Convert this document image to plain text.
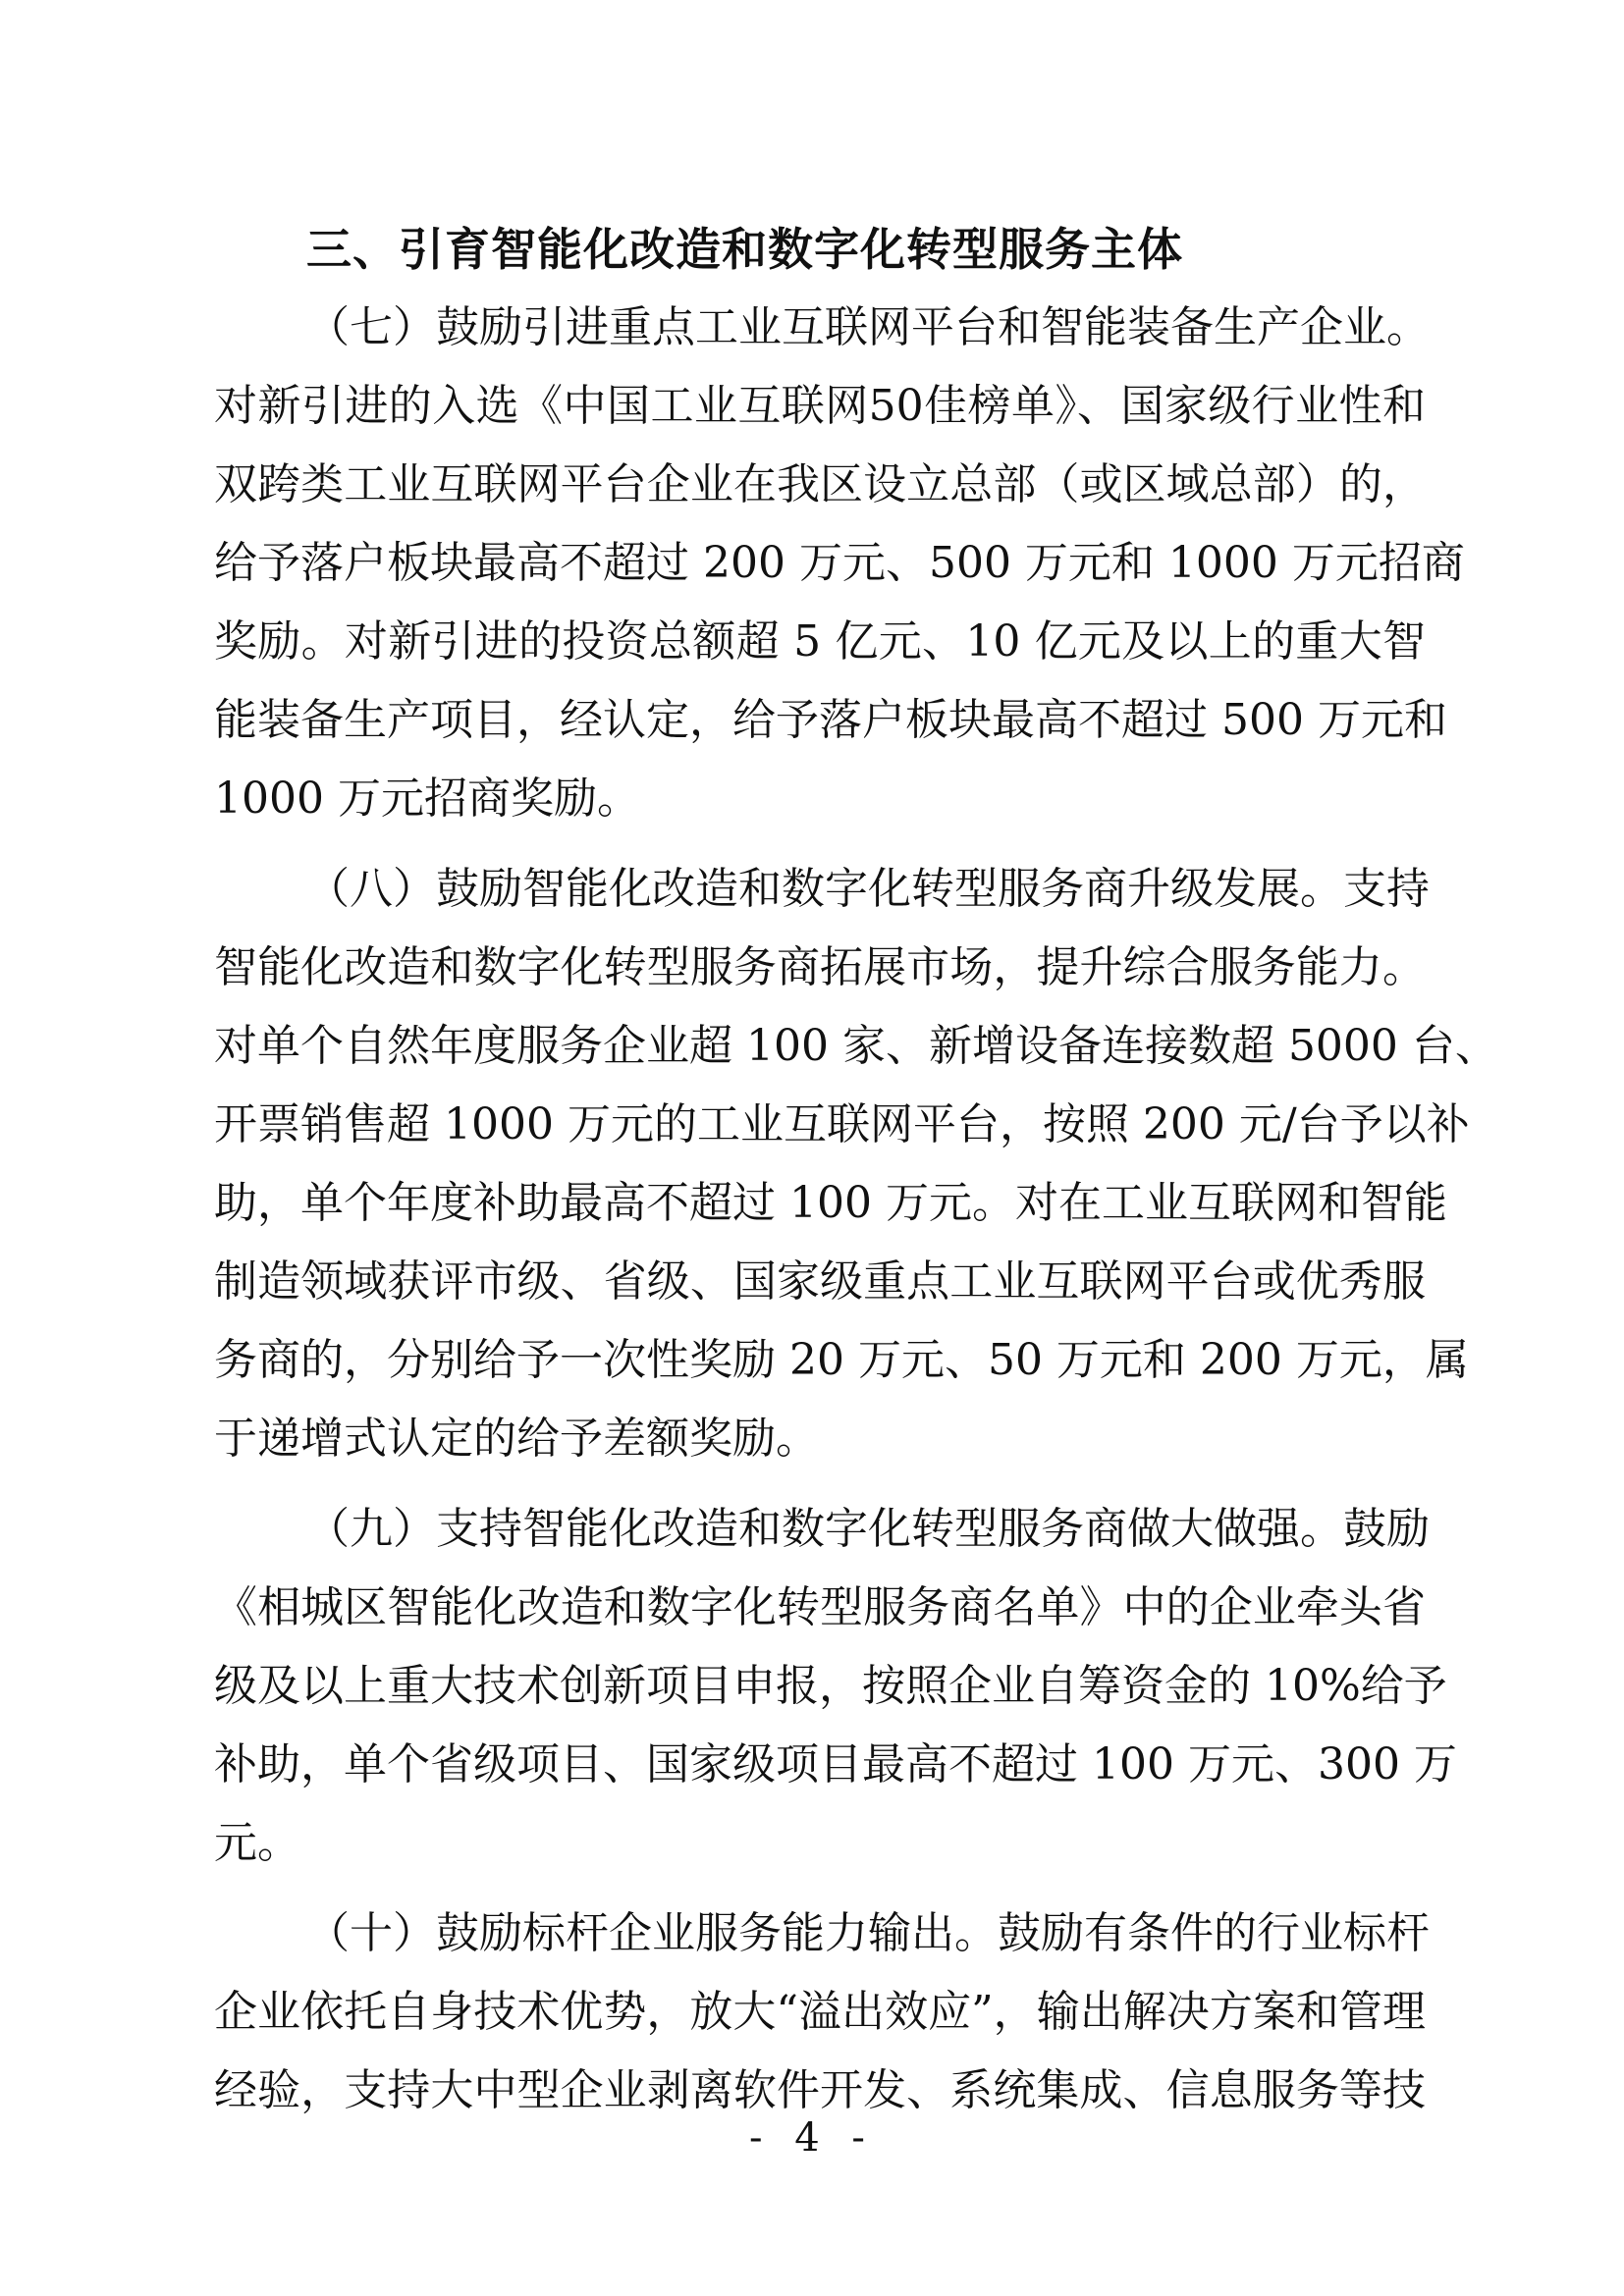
三、引育智能化改造和数字化转型服务主体
（七）鼓励引进重点工业互联网平台和智能装备生产企业。
对新引进的入选《中国工业互联网50佳榜单》、国家级行业性和
双跨类工业互联网平台企业在我区设立总部（或区域总部）的，
给予落户板块最高不超过 200 万元、500 万元和 1000 万元招商
奖励。对新引进的投资总额超 5 亿元、10 亿元及以上的重大智
能装备生产项目，经认定，给予落户板块最高不超过 500 万元和
1000 万元招商奖励。
（八）鼓励智能化改造和数字化转型服务商升级发展。支持
智能化改造和数字化转型服务商拓展市场，提升综合服务能力。
对单个自然年度服务企业超 100 家、新增设备连接数超 5000 台、
开票销售超 1000 万元的工业互联网平台，按照 200 元/台予以补
助，单个年度补助最高不超过 100 万元。对在工业互联网和智能
制造领域获评市级、省级、国家级重点工业互联网平台或优秀服
务商的，分别给予一次性奖励 20 万元、50 万元和 200 万元，属
于递增式认定的给予差额奖励。
（九）支持智能化改造和数字化转型服务商做大做强。鼓励
《相城区智能化改造和数字化转型服务商名单》中的企业牵头省
级及以上重大技术创新项目申报，按照企业自筹资金的 10%给予
补助，单个省级项目、国家级项目最高不超过 100 万元、300 万
元。
（十）鼓励标杆企业服务能力输出。鼓励有条件的行业标杆
企业依托自身技术优势，放大“溢出效应”，输出解决方案和管理
经验，支持大中型企业剥离软件开发、系统集成、信息服务等技
- 4 -
